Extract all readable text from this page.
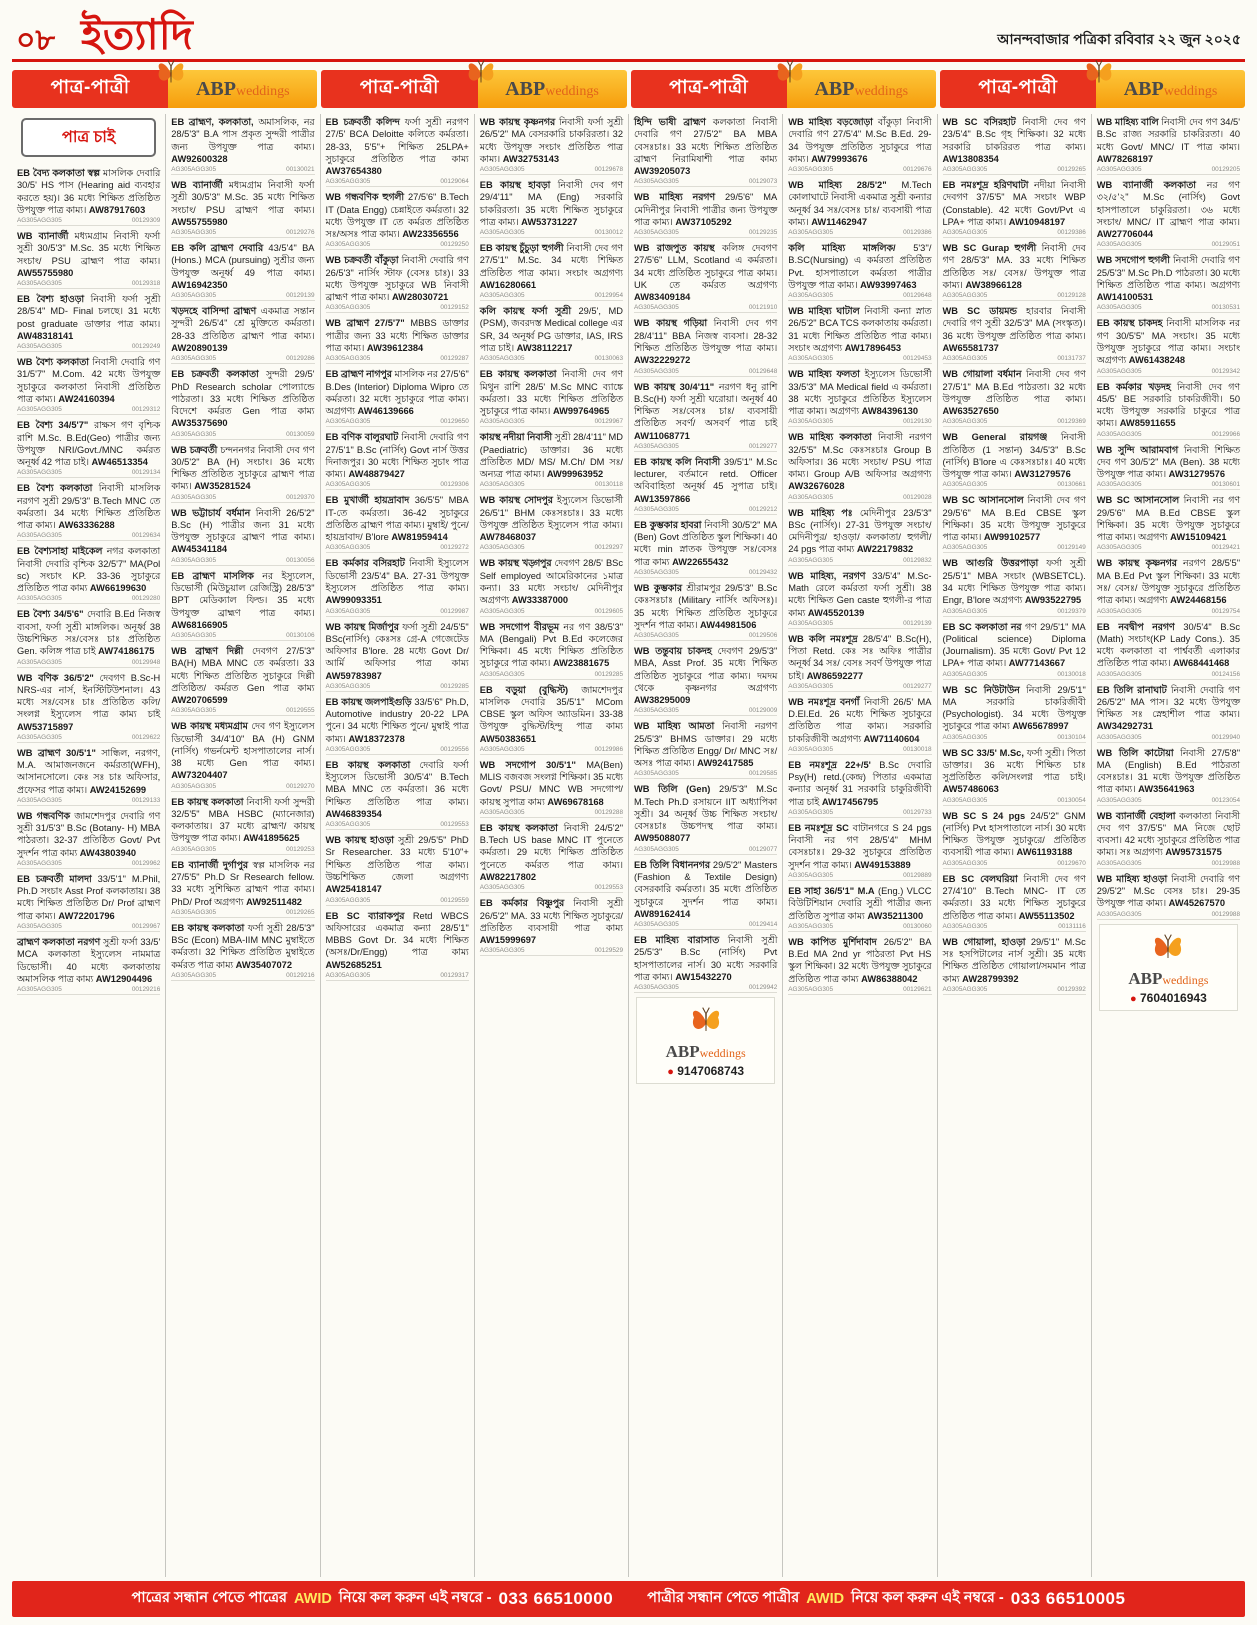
০৮ ইত্যাদি	আনন্দবাজার পত্রিকা রবিবার ২২ জুন ২০২৫
পাত্র-পাত্রী	ABPweddings	পাত্র-পাত্রী	ABPweddings	পাত্র-পাত্রী	ABPweddings	পাত্র-পাত্রী	ABPweddings
পাত্র চাই
EB বৈদ্য কলকাতা স্বল্প মাসলিক দেবারি 30/5' HS পাস (Hearing aid ব্যবহার করতে হয়)। 36 মধ্যে শিক্ষিত প্রতিষ্ঠিত উপযুক্ত পাত্র কাম্য। AW87917603
AG305AGG305	00129309
WB ব্যানার্জী মধ্যমগ্রাম নিবাসী ফর্সা সুশ্রী 30/5'3" M.Sc. 35 মধ্যে শিক্ষিত সংচাং/ PSU ব্রাহ্মণ পাত্র কাম্য। AW55755980
AG305AGG305	00129318
EB বৈশ্য হাওড়া নিবাসী ফর্সা সুশ্রী 28/5'4" MD- Final চলছে। 31 মধ্যে post graduate ডাক্তার পাত্র কাম্য। AW48318141
AG305AGG305	00129249
WB বৈশ্য কলকাতা নিবাসী দেবারি গণ 31/5'7" M.Com. 42 মধ্যে উপযুক্ত সুচাকুরে কলকাতা নিবাসী প্রতিষ্ঠিত পাত্র কাম্য। AW24160394
AG305AGG305	00129312
EB বৈশ্য 34/5'7" রাক্ষস গণ বৃশ্চিক রাশি M.Sc. B.Ed(Geo) পাত্রীর জন্য উপযুক্ত NRI/Govt./MNC কর্মরত অনূর্ধ্ব 42 পাত্র চাই। AW46513354
AG305AGG305	00129134
EB বৈশ্য কলকাতা নিবাসী মাসলিক নরগণ সুশ্রী 29/5'3" B.Tech MNC তে কর্মরতা। 34 মধ্যে শিক্ষিত প্রতিষ্ঠিত পাত্র কাম্য। AW63336288
AG305AGG305	00129634
EB বৈশ্যসাহা মাইকেল নগর কলকাতা নিবাসী দেবারি বৃশ্চিক 32/5'7" MA(Pol sc) সংচাং KP. 33-36 সুচাকুরে প্রতিষ্ঠিত পাত্র কাম্য AW66199630
AG305AGG305	00129280
EB বৈশ্য 34/5'6" দেবারি B.Ed নিজস্ব ব্যবসা, ফর্সা সুশ্রী মাঙ্গলিক। অনূর্ধ্ব 38 উচ্চশিক্ষিত সঃ/বেসঃ চাঃ প্রতিষ্ঠিত Gen. কলিঙ্গ পাত্র চাই AW74186175
AG305AGG305	00129948
WB বণিক 36/5'2" দেবগণ B.Sc-H NRS-এর নার্স, ইনস্টিটিউশনাল। 43 মধ্যে সঃ/বেসঃ চাঃ প্রতিষ্ঠিত কলি/সংলগ্ন ইস্যুলেস পাত্র কাম্য চাই AW53715897
AG305AGG305	00129622
WB ব্রাহ্মণ 30/5'1" সান্ধিল, নরগণ, M.A. আমাজনজনে কর্মরতা(WFH), আসানসোলে। কেঃ সঃ চাঃ অফিসার, প্রফেসর পাত্র কাম্য। AW24152699
AG305AGG305	00129133
WB গন্ধবণিক জামশেদপুর দেবারি গণ সুশ্রী 31/5'3" B.Sc (Botany- H) MBA পাঠরতা। 32-37 প্রতিষ্ঠিত Govt/ Pvt সুদর্শন পাত্র কাম্য AW43803940
AG305AGG305	00129962
EB চক্রবর্তী মালদা 33/5'1" M.Phil, Ph.D সংচাং Asst Prof কলকাতায়। 38 মধ্যে শিক্ষিত প্রতিষ্ঠিত Dr/ Prof ব্রাহ্মণ পাত্র কাম্য। AW72201796
AG305AGG305	00129967
ব্রাহ্মণ কলকাতা নরগণ সুশ্রী ফর্সা 33/5' MCA কলকাতা ইস্যুলেস নামমাত্র ডিভোর্সী। 40 মধ্যে কলকাতায় অমাসলিক পাত্র কাম্য AW12904496
AG305AGG305	00129216
EB ব্রাহ্মণ, কলকাতা, অমাসলিক, নর 28/5'3" B.A পাস প্রকৃত সুন্দরী পাত্রীর জন্য উপযুক্ত পাত্র কাম্য। AW92600328
AG305AGG305	00130021
WB ব্যানার্জী মধ্যমগ্রাম নিবাসী ফর্সা সুশ্রী 30/5'3" M.Sc. 35 মধ্যে শিক্ষিত সংচাং/ PSU ব্রাহ্মণ পাত্র কাম্য। AW55755980
AG305AGG305	00129276
EB কলি ব্রাহ্মণ দেবারি 43/5'4" BA (Hons.) MCA (pursuing) সুশ্রীর জন্য উপযুক্ত অনূর্ধ্ব 49 পাত্র কাম্য। AW16942350
AG305AGG305	00129139
খড়দহে বাসিন্দা ব্রাহ্মণ একমাত্র সন্তান সুন্দরী 26/5'4" শ্রে মুক্তিতে কর্মরতা। 28-33 প্রতিষ্ঠিত ব্রাহ্মণ পাত্র কাম্য। AW20890139
AG305AGG305	00129286
EB চক্রবর্তী কলকাতা সুন্দরী 29/5' PhD Research scholar পোল্যান্ডে পাঠরতা। 33 মধ্যে শিক্ষিত প্রতিষ্ঠিত বিদেশে কর্মরত Gen পাত্র কাম্য AW35375690
AG305AGG305	00130059
WB চক্রবর্তী চন্দননগর নিবাসী দেব গণ 30/5'2" BA (H) সংচাং। 36 মধ্যে শিক্ষিত প্রতিষ্ঠিত সুচাকুরে ব্রাহ্মণ পাত্র কাম্য। AW35281524
AG305AGG305	00129370
WB ভট্টাচার্য বর্ধমান নিবাসী 26/5'2" B.Sc (H) পাত্রীর জন্য 31 মধ্যে উপযুক্ত সুচাকুরে ব্রাহ্মণ পাত্র কাম্য। AW45341184
AG305AGG305	00130056
EB ব্রাহ্মণ মাসলিক নর ইস্যুলেস, ডিভোর্সী (মিউচুয়াল রেজিস্ট্রি) 28/5'3" BPT মেডিক্যাল ফিল্ড। 35 মধ্যে উপযুক্ত ব্রাহ্মণ পাত্র কাম্য। AW68166905
AG305AGG305	00130106
WB ব্রাহ্মণ দিল্লী দেবগণ 27/5'3" BA(H) MBA MNC তে কর্মরতা। 33 মধ্যে শিক্ষিত প্রতিষ্ঠিত সুচাকুরে দিল্লী প্রতিষ্ঠিত/ কর্মরত Gen পাত্র কাম্য AW20706599
AG305AGG305	00129555
WB কায়স্থ মধ্যমগ্রাম দেব গণ ইস্যুলেস ডিভোর্সী 34/4'10" BA (H) GNM (নার্সিং) গভর্নমেন্ট হাসপাতালের নার্স। 38 মধ্যে Gen পাত্র কাম্য। AW73204407
AG305AGG305	00129270
EB কায়স্থ কলকাতা নিবাসী ফর্সা সুন্দরী 32/5'5" MBA HSBC (ম্যানেজার) কলকাতায়। 37 মধ্যে ব্রাহ্মণ/ কায়স্থ উপযুক্ত পাত্র কাম্য। AW41895625
AG305AGG305	00129253
EB ব্যানার্জী দুর্গাপুর স্বল্প মাসলিক নর 27/5'5" Ph.D Sr Research fellow. 33 মধ্যে সুশিক্ষিত ব্রাহ্মণ পাত্র কাম্য। PhD/ Prof অগ্রগণ্য AW92511482
AG305AGG305	00129265
EB কায়স্থ কলকাতা ফর্সা সুশ্রী 28/5'3" BSc (Econ) MBA-IIM MNC মুম্বাইতে কর্মরতা। 32 শিক্ষিত প্রতিষ্ঠিত মুম্বাইতে কর্মরত পাত্র কাম্য AW35407072
AG305AGG305	00129216
EB চক্রবর্তী কলিন্দ ফর্সা সুশ্রী নরগণ 27/5' BCA Deloitte কলিতে কর্মরতা। 28-33, 5'5"+ শিক্ষিত 25LPA+ সুচাকুরে প্রতিষ্ঠিত পাত্র কাম্য AW37654380
AG305AGG305	00129064
WB গন্ধবণিক হুগলী 27/5'6" B.Tech IT (Data Engg) চেন্নাইতে কর্মরতা। 32 মধ্যে উপযুক্ত IT তে কর্মরত প্রতিষ্ঠিত সঃ/অসঃ পাত্র কাম্য। AW23356556
AG305AGG305	00129250
WB চক্রবর্তী বাঁকুড়া নিবাসী দেবারি গণ 26/5'3" নার্সিং স্টাফ (বেসঃ চাঃ)। 33 মধ্যে উপযুক্ত সুচাকুরে WB নিবাসী ব্রাহ্মণ পাত্র কাম্য। AW28030721
AG305AGG305	00129152
WB ব্রাহ্মণ 27/5'7" MBBS ডাক্তার পাত্রীর জন্য 33 মধ্যে শিক্ষিত ডাক্তার পাত্র কাম্য। AW39612384
AG305AGG305	00129287
EB ব্রাহ্মণ নাগপুর মাসলিক নর 27/5'6" B.Des (Interior) Diploma Wipro তে কর্মরতা। 32 মধ্যে সুচাকুরে পাত্র কাম্য। অগ্রগণ্য AW46139666
AG305AGG305	00129650
EB বণিক বালুরঘাট নিবাসী দেবারি গণ 27/5'1" B.Sc (নার্সিং) Govt নার্স উত্তর দিনাজপুর। 30 মধ্যে শিক্ষিত সুচাং পাত্র কাম্য। AW48879427
AG305AGG305	00129306
EB মুখার্জী হায়দ্রাবাদ 36/5'5" MBA IT-তে কর্মরতা। 36-42 সুচাকুরে প্রতিষ্ঠিত ব্রাহ্মণ পাত্র কাম্য। মুম্বাই/ পুনে/ হায়দ্রাবাদ/ B'lore AW81959414
AG305AGG305	00129272
EB কর্মকার বসিরহাট নিবাসী ইস্যুলেস ডিভোর্সী 23/5'4" BA. 27-31 উপযুক্ত ইস্যুলেস প্রতিষ্ঠিত পাত্র কাম্য। AW99093351
AG305AGG305	00129987
WB কায়স্থ মির্জাপুর ফর্সা সুশ্রী 24/5'5" BSc(নার্সিং) কেঃসঃ গ্রে-A গেজেটেড অফিসার B'lore. 28 মধ্যে Govt Dr/আর্মি অফিসার পাত্র কাম্য AW59783987
AG305AGG305	00129285
EB কায়স্থ জলপাইগুড়ি 33/5'6" Ph.D, Automotive industry 20-22 LPA পুনে। 34 মধ্যে শিক্ষিত পুনে/ মুম্বাই পাত্র কাম্য। AW18372378
AG305AGG305	00129556
EB কায়স্থ কলকাতা দেবারি ফর্সা ইস্যুলেস ডিভোর্সী 30/5'4" B.Tech MBA MNC তে কর্মরতা। 36 মধ্যে শিক্ষিত প্রতিষ্ঠিত পাত্র কাম্য। AW46839354
AG305AGG305	00129553
WB কায়স্থ হাওড়া সুশ্রী 29/5'5" PhD Sr Researcher. 33 মধ্যে 5'10"+ শিক্ষিত প্রতিষ্ঠিত পাত্র কাম্য। উচ্চশিক্ষিত জেলা অগ্রগণ্য AW25418147
AG305AGG305	00129559
EB SC ব্যারাকপুর Retd WBCS অফিসারের একমাত্র কন্যা 28/5'1" MBBS Govt Dr. 34 মধ্যে শিক্ষিত (অসঃ/Dr/Engg) পাত্র কাম্য AW52685251
AG305AGG305	00129317
WB কায়স্থ কৃষ্ণনগর নিবাসী ফর্সা সুশ্রী 26/5'2" MA বেসরকারি চাকরিরতা। 32 মধ্যে উপযুক্ত সংচাং প্রতিষ্ঠিত পাত্র কাম্য। AW32753143
AG305AGG305	00129678
EB কায়স্থ হাবড়া নিবাসী দেব গণ 29/4'11" MA (Eng) সরকারি চাকরিরতা। 35 মধ্যে শিক্ষিত সুচাকুরে পাত্র কাম্য। AW53731227
AG305AGG305	00130012
EB কায়স্থ চুঁচুড়া হুগলী নিবাসী দেব গণ 27/5'1" M.Sc. 34 মধ্যে শিক্ষিত প্রতিষ্ঠিত পাত্র কাম্য। সংচাং অগ্রগণ্য AW16280661
AG305AGG305	00129954
কলি কায়স্থ ফর্সা সুশ্রী 29/5', MD (PSM), জবরদস্ত Medical college এর SR, 34 অনূর্ধ্ব PG ডাক্তার, IAS, IRS পাত্র চাই। AW38112217
AG305AGG305	00130063
EB কায়স্থ কলকাতা নিবাসী দেব গণ মিথুন রাশি 28/5' M.Sc MNC ব্যাঙ্কে কর্মরতা। 33 মধ্যে শিক্ষিত প্রতিষ্ঠিত সুচাকুরে পাত্র কাম্য। AW99764965
AG305AGG305	00129967
কায়স্থ নদীয়া নিবাসী সুশ্রী 28/4'11" MD (Paediatric) ডাক্তার। 36 মধ্যে প্রতিষ্ঠিত MD/ MS/ M.Ch/ DM সঃ/ অন্যত্র পাত্র কাম্য। AW99963952
AG305AGG305	00130118
WB কায়স্থ সোদপুর ইস্যুলেস ডিভোর্সী 26/5'1" BHM কেঃসঃচাঃ। 33 মধ্যে উপযুক্ত প্রতিষ্ঠিত ইস্যুলেস পাত্র কাম্য। AW78468037
AG305AGG305	00129297
WB কায়স্থ খড়্গপুর দেবগণ 28/5' BSc Self employed আমেরিকানের ১মাত্র কন্যা। 33 মধ্যে সংচাং/ মেদিনীপুর অগ্রগণ্য AW33387000
AG305AGG305	00129605
WB সদগোপ বীরভূম নর গণ 38/5'3" MA (Bengali) Pvt B.Ed কলেজের শিক্ষিকা। 45 মধ্যে শিক্ষিত প্রতিষ্ঠিত সুচাকুরে পাত্র কাম্য। AW23881675
AG305AGG305	00129285
EB বড়ুয়া (বুদ্ধিস্ট) জামশেদপুর মাসলিক দেবারি 35/5'1" MCom CBSE স্কুল অফিস অ্যাডমিন। 33-38 উপযুক্ত বুদ্ধিস্ট/হিন্দু পাত্র কাম্য AW50383651
AG305AGG305	00129986
WB সদগোপ 30/5'1'' MA(Ben) MLIS বজবজ সংলগ্ন শিক্ষিকা। 35 মধ্যে Govt/ PSU/ MNC WB সদগোপ/কায়স্থ সুপাত্র কাম্য AW69678168
AG305AGG305	00129288
EB কায়স্থ কলকাতা নিবাসী 24/5'2" B.Tech US base MNC IT পুনেতে কর্মরতা। 29 মধ্যে শিক্ষিত প্রতিষ্ঠিত পুনেতে কর্মরত পাত্র কাম্য। AW82217802
AG305AGG305	00129553
EB কর্মকার বিষ্ণুপুর নিবাসী সুশ্রী 26/5'2" MA. 33 মধ্যে শিক্ষিত সুচাকুরে/ প্রতিষ্ঠিত ব্যবসায়ী পাত্র কাম্য AW15999697
AG305AGG305	00129529
হিন্দি ভাষী ব্রাহ্মণ কলকাতা নিবাসী দেবারি গণ 27/5'2" BA MBA বেসঃচাঃ। 33 মধ্যে শিক্ষিত প্রতিষ্ঠিত ব্রাহ্মণ নিরামিষাশী পাত্র কাম্য AW39205073
AG305AGG305	00129073
WB মাহিষ্য নরগণ 29/5'6" MA মেদিনীপুর নিবাসী পাত্রীর জন্য উপযুক্ত পাত্র কাম্য। AW37105292
AG305AGG305	00129235
WB রাজপুত কায়স্থ কলিঙ্গ দেবগণ 27/5'6" LLM, Scotland এ কর্মরতা। 34 মধ্যে প্রতিষ্ঠিত সুচাকুরে পাত্র কাম্য। UK তে কর্মরত অগ্রগণ্য AW83409184
AG305AGG305	00121910
WB কায়স্থ গড়িয়া নিবাসী দেব গণ 28/4'11" BBA নিজস্ব ব্যবসা। 28-32 শিক্ষিত প্রতিষ্ঠিত উপযুক্ত পাত্র কাম্য। AW32229272
AG305AGG305	00129648
WB কায়স্থ 30/4'11" নরগণ ধনু রাশি B.Sc(H) ফর্সা সুশ্রী ঘরোয়া। অনূর্ধ্ব 40 শিক্ষিত সঃ/বেসঃ চাঃ/ ব্যবসায়ী প্রতিষ্ঠিত সবর্ণ/ অসবর্ণ পাত্র চাই AW11068771
AG305AGG305	00129277
EB কায়স্থ কলি নিবাসী 39/5'1" M.Sc lecturer, বর্তমানে retd. Officer অবিবাহিতা অনূর্ধ্ব 45 সুপাত্র চাই। AW13597866
AG305AGG305	00129212
EB কুম্ভকার হাবরা নিবাসী 30/5'2" MA (Ben) Govt প্রতিষ্ঠিত স্কুল শিক্ষিকা। 40 মধ্যে min স্নাতক উপযুক্ত সঃ/বেসঃ পাত্র কাম্য AW22655432
AG305AGG305	00129432
WB কুম্ভকার শ্রীরামপুর 29/5'3" B.Sc কেঃসঃচাঃ (Military নার্সিং অফিসঃ)। 35 মধ্যে শিক্ষিত প্রতিষ্ঠিত সুচাকুরে সুদর্শন পাত্র কাম্য। AW44981506
AG305AGG305	00129506
WB তন্তুবায় চাকদহ দেবগণ 29/5'3" MBA, Asst Prof. 35 মধ্যে শিক্ষিত প্রতিষ্ঠিত সুচাকুরে পাত্র কাম্য। দমদম থেকে কৃষ্ণনগর অগ্রগণ্য AW38295009
AG305AGG305	00129009
WB মাহিষ্য আমতা নিবাসী নরগণ 25/5'3" BHMS ডাক্তার। 29 মধ্যে শিক্ষিত প্রতিষ্ঠিত Engg/ Dr/ MNC সঃ/অসঃ পাত্র কাম্য। AW92417585
AG305AGG305	00129585
WB তিলি (Gen) 29/5'3" M.Sc M.Tech Ph.D রসায়নে IIT অধ্যাপিকা সুশ্রী। 34 অনূর্ধ্ব উচ্চ শিক্ষিত সংচাং/ বেসঃচাঃ উচ্চপদস্থ পাত্র কাম্য। AW95088077
AG305AGG305	00129077
EB তিলি বিধাননগর 29/5'2" Masters (Fashion & Textile Design) বেসরকারি কর্মরতা। 35 মধ্যে প্রতিষ্ঠিত সুচাকুরে সুদর্শন পাত্র কাম্য। AW89162414
AG305AGG305	00129414
EB মাহিষ্য বারাসাত নিবাসী সুশ্রী 25/5'3" B.Sc (নার্সিং) Pvt হাসপাতালের নার্স। 30 মধ্যে সরকারি পাত্র কাম্য। AW15432270
AG305AGG305	00129942
ABPweddings
● 9147068743
WB মাহিষ্য বড়জোড়া বাঁকুড়া নিবাসী দেবারি গণ 27/5'4" M.Sc B.Ed. 29-34 উপযুক্ত প্রতিষ্ঠিত সুচাকুরে পাত্র কাম্য। AW79993676
AG305AGG305	00129676
WB মাহিষ্য 28/5'2" M.Tech কোলাঘাটে নিবাসী একমাত্র সুশ্রী কন্যার অনূর্ধ্ব 34 সঃ/বেসঃ চাঃ/ ব্যবসায়ী পাত্র কাম্য। AW11462947
AG305AGG305	00129386
কলি মাহিষ্য মাঙ্গলিক/ 5'3''/ B.SC(Nursing) এ কর্মরতা প্রতিষ্ঠিত Pvt. হাসপাতালে কর্মরতা পাত্রীর উপযুক্ত পাত্র কাম্য। AW93997463
AG305AGG305	00129648
WB মাহিষ্য ঘাটাল নিবাসী কন্যা স্নাত 26/5'2" BCA TCS কলকাতায় কর্মরতা। 31 মধ্যে শিক্ষিত প্রতিষ্ঠিত পাত্র কাম্য। সংচাং অগ্রগণ্য AW17896453
AG305AGG305	00129453
WB মাহিষ্য ফলতা ইস্যুলেস ডিভোর্সী 33/5'3" MA Medical field এ কর্মরতা। 38 মধ্যে সুচাকুরে প্রতিষ্ঠিত ইস্যুলেস পাত্র কাম্য। অগ্রগণ্য AW84396130
AG305AGG305	00129130
WB মাহিষ্য কলকাতা নিবাসী নরগণ 32/5'5" M.Sc কেঃসঃচাঃ Group B অফিসার। 36 মধ্যে সংচাং/ PSU পাত্র কাম্য। Group A/B অফিসার অগ্রগণ্য AW32676028
AG305AGG305	00129028
WB মাহিষ্য পঃ মেদিনীপুর 23/5'3" BSc (নার্সিং)। 27-31 উপযুক্ত সংচাং/ মেদিনীপুর/ হাওড়া/ কলকাতা/ হুগলী/ 24 pgs পাত্র কাম্য AW22179832
AG305AGG305	00129832
WB মাহিষ্য, নরগণ 33/5'4" M.Sc-Math রেলে কর্মরতা ফর্সা সুশ্রী। 38 মধ্যে শিক্ষিত Gen caste হুগলী-র পাত্র কাম্য AW45520139
AG305AGG305	00129139
WB কলি নমঃশূদ্র 28/5'4" B.Sc(H), পিতা Retd. কেঃ সঃ অফিঃ পাত্রীর অনূর্ধ্ব 34 সঃ/ বেসঃ সবর্ণ উপযুক্ত পাত্র চাই। AW86592277
AG305AGG305	00129277
WB নমঃশূদ্র বনগাঁ নিবাসী 26/5' MA D.El.Ed. 26 মধ্যে শিক্ষিত সুচাকুরে প্রতিষ্ঠিত পাত্র কাম্য। সরকারি চাকরিজীবী অগ্রগণ্য AW71140604
AG305AGG305	00130018
EB নমঃশূদ্র 22+/5' B.Sc দেবারি Psy(H) retd.(কেন্দ্র) পিতার একমাত্র কন্যার অনূর্ধ্ব 31 সরকারি চাকুরিজীবী পাত্র চাই AW17456795
AG305AGG305	00129733
EB নমঃশূদ্র SC বাটানগরে S 24 pgs নিবাসী নর গণ 28/5'4" MHM বেসঃচাঃ। 29-32 সুচাকুরে প্রতিষ্ঠিত সুদর্শন পাত্র কাম্য। AW49153889
AG305AGG305	00129889
EB সাহা 36/5'1" M.A (Eng.) VLCC বিউটিশিয়ান দেবারি সুশ্রী পাত্রীর জন্য প্রতিষ্ঠিত সুপাত্র কাম্য AW35211300
AG305AGG305	00130060
WB কাপিত মুর্শিদাবাদ 26/5'2" BA B.Ed MA 2nd yr পাঠরতা Pvt HS স্কুল শিক্ষিকা। 32 মধ্যে উপযুক্ত সুচাকুরে প্রতিষ্ঠিত পাত্র কাম্য AW86388042
AG305AGG305	00129621
WB SC বসিরহাট নিবাসী দেব গণ 23/5'4" B.Sc গৃহ শিক্ষিকা। 32 মধ্যে সরকারি চাকরিরত পাত্র কাম্য। AW13808354
AG305AGG305	00129265
EB নমঃশূদ্র হরিণঘাটা নদীয়া নিবাসী দেবগণ 37/5'5" MA সংচাং WBP (Constable). 42 মধ্যে Govt/Pvt এ LPA+ পাত্র কাম্য। AW10948197
AG305AGG305	00129386
WB SC Gurap হুগলী নিবাসী দেব গণ 28/5'3" MA. 33 মধ্যে শিক্ষিত প্রতিষ্ঠিত সঃ/ বেসঃ/ উপযুক্ত পাত্র কাম্য। AW38966128
AG305AGG305	00129128
WB SC ডায়মন্ড হারবার নিবাসী দেবারি গণ সুশ্রী 32/5'3" MA (সংস্কৃত)। 36 মধ্যে উপযুক্ত প্রতিষ্ঠিত পাত্র কাম্য। AW65581737
AG305AGG305	00131737
WB গোয়ালা বর্ধমান নিবাসী দেব গণ 27/5'1" MA B.Ed পাঠরতা। 32 মধ্যে উপযুক্ত প্রতিষ্ঠিত পাত্র কাম্য। AW63527650
AG305AGG305	00129369
WB General রায়গঞ্জ নিবাসী প্রতিষ্ঠিত (1 সন্তান) 34/5'3" B.Sc (নার্সিং) B'lore এ কেঃসঃচাঃ। 40 মধ্যে উপযুক্ত পাত্র কাম্য। AW31279576
AG305AGG305	00130661
WB SC আসানসোল নিবাসী দেব গণ 29/5'6" MA B.Ed CBSE স্কুল শিক্ষিকা। 35 মধ্যে উপযুক্ত সুচাকুরে পাত্র কাম্য। AW99102577
AG305AGG305	00129149
WB আগুরি উত্তরপাড়া ফর্সা সুশ্রী 25/5'1" MBA সংচাং (WBSETCL). 34 মধ্যে শিক্ষিত উপযুক্ত পাত্র কাম্য। Engr, B'lore অগ্রগণ্য AW93522795
AG305AGG305	00129379
EB SC কলকাতা নর গণ 29/5'1" MA (Political science) Diploma (Journalism). 35 মধ্যে Govt/ Pvt 12 LPA+ পাত্র কাম্য। AW77143667
AG305AGG305	00130018
WB SC নিউটাউন নিবাসী 29/5'1" MA সরকারি চাকরিজীবী (Psychologist). 34 মধ্যে উপযুক্ত সুচাকুরে পাত্র কাম্য AW65678997
AG305AGG305	00130104
WB SC 33/5' M.Sc, ফর্সা সুশ্রী। পিতা ডাক্তার। 36 মধ্যে শিক্ষিত চাঃ সুপ্রতিষ্ঠিত কলি/সংলগ্ন পাত্র চাই। AW57486063
AG305AGG305	00130054
WB SC S 24 pgs 24/5'2" GNM (নার্সিং) Pvt হাসপাতালে নার্স। 30 মধ্যে শিক্ষিত উপযুক্ত সুচাকুরে/ প্রতিষ্ঠিত ব্যবসায়ী পাত্র কাম্য। AW61193188
AG305AGG305	00129670
EB SC বেলঘরিয়া নিবাসী দেব গণ 27/4'10" B.Tech MNC- IT তে কর্মরতা। 33 মধ্যে শিক্ষিত সুচাকুরে প্রতিষ্ঠিত পাত্র কাম্য। AW55113502
AG305AGG305	00131116
WB গোয়ালা, হাওড়া 29/5'1" M.Sc সঃ হসপিটালের নার্স সুশ্রী। 35 মধ্যে শিক্ষিত প্রতিষ্ঠিত গোয়ালা/সমমান পাত্র কাম্য AW28799392
AG305AGG305	00129392
WB মাহিষ্য বালি নিবাসী দেব গণ 34/5' B.Sc রাজ্য সরকারি চাকরিরতা। 40 মধ্যে Govt/ MNC/ IT পাত্র কাম্য। AW78268197
AG305AGG305	00129205
WB ব্যানার্জী কলকাতা নর গণ ৩২/৫'২" M.Sc (নার্সিং) Govt হাসপাতালে চাকুরিরতা। ৩৬ মধ্যে সংচাং/ MNC/ IT ব্রাহ্মণ পাত্র কাম্য। AW27706044
AG305AGG305	00129051
WB সদগোপ হুগলী নিবাসী দেবারি গণ 25/5'3" M.Sc Ph.D পাঠরতা। 30 মধ্যে শিক্ষিত প্রতিষ্ঠিত পাত্র কাম্য। অগ্রগণ্য AW14100531
AG305AGG305	00130531
EB কায়স্থ চাকদহ নিবাসী মাসলিক নর গণ 30/5'5" MA সংচাং। 35 মধ্যে উপযুক্ত সুচাকুরে পাত্র কাম্য। সংচাং অগ্রগণ্য AW61438248
AG305AGG305	00129342
EB কর্মকার খড়দহ নিবাসী দেব গণ 45/5' BE সরকারি চাকরিজীবী। 50 মধ্যে উপযুক্ত সরকারি চাকুরে পাত্র কাম্য। AW85911655
AG305AGG305	00129966
WB সুন্দি আরামবাগ নিবাসী শিক্ষিত দেব গণ 30/5'2" MA (Ben). 38 মধ্যে উপযুক্ত পাত্র কাম্য। AW31279576
AG305AGG305	00130601
WB SC আসানসোল নিবাসী নর গণ 29/5'6" MA B.Ed CBSE স্কুল শিক্ষিকা। 35 মধ্যে উপযুক্ত সুচাকুরে পাত্র কাম্য। অগ্রগণ্য AW15109421
AG305AGG305	00129421
WB কায়স্থ কৃষ্ণনগর নরগণ 28/5'5" MA B.Ed Pvt স্কুল শিক্ষিকা। 33 মধ্যে সঃ/ বেসঃ/ উপযুক্ত সুচাকুরে প্রতিষ্ঠিত পাত্র কাম্য। অগ্রগণ্য AW24468156
AG305AGG305	00129754
EB নবদ্বীপ নরগণ 30/5'4" B.Sc (Math) সংচাং(KP Lady Cons.). 35 মধ্যে কলকাতা বা পার্শ্ববর্তী এলাকার প্রতিষ্ঠিত পাত্র কাম্য। AW68441468
AG305AGG305	00124156
EB তিলি রানাঘাট নিবাসী দেবারি গণ 26/5'2" MA পাস। 32 মধ্যে উপযুক্ত শিক্ষিত সঃ স্নেহাশীল পাত্র কাম্য। AW34292731
AG305AGG305	00129940
WB তিলি কাটোয়া নিবাসী 27/5'8" MA (English) B.Ed পাঠরতা বেসঃচাঃ। 31 মধ্যে উপযুক্ত প্রতিষ্ঠিত পাত্র কাম্য। AW35641963
AG305AGG305	00123054
WB ব্যানার্জী বেহালা কলকাতা নিবাসী দেব গণ 37/5'5" MA নিজে ছোট ব্যবসা। 42 মধ্যে সুচাকুরে প্রতিষ্ঠিত পাত্র কাম্য। সঃ অগ্রগণ্য AW95731575
AG305AGG305	00129988
WB মাহিষ্য হাওড়া নিবাসী দেবারি গণ 29/5'2" M.Sc বেসঃ চাঃ। 29-35 উপযুক্ত পাত্র কাম্য। AW45267570
AG305AGG305	00129988
ABPweddings
● 7604016943
পাত্রের সন্ধান পেতে পাত্রের AWID নিয়ে কল করুন এই নম্বরে - 033 66510000 পাত্রীর সন্ধান পেতে পাত্রীর AWID নিয়ে কল করুন এই নম্বরে - 033 66510005
